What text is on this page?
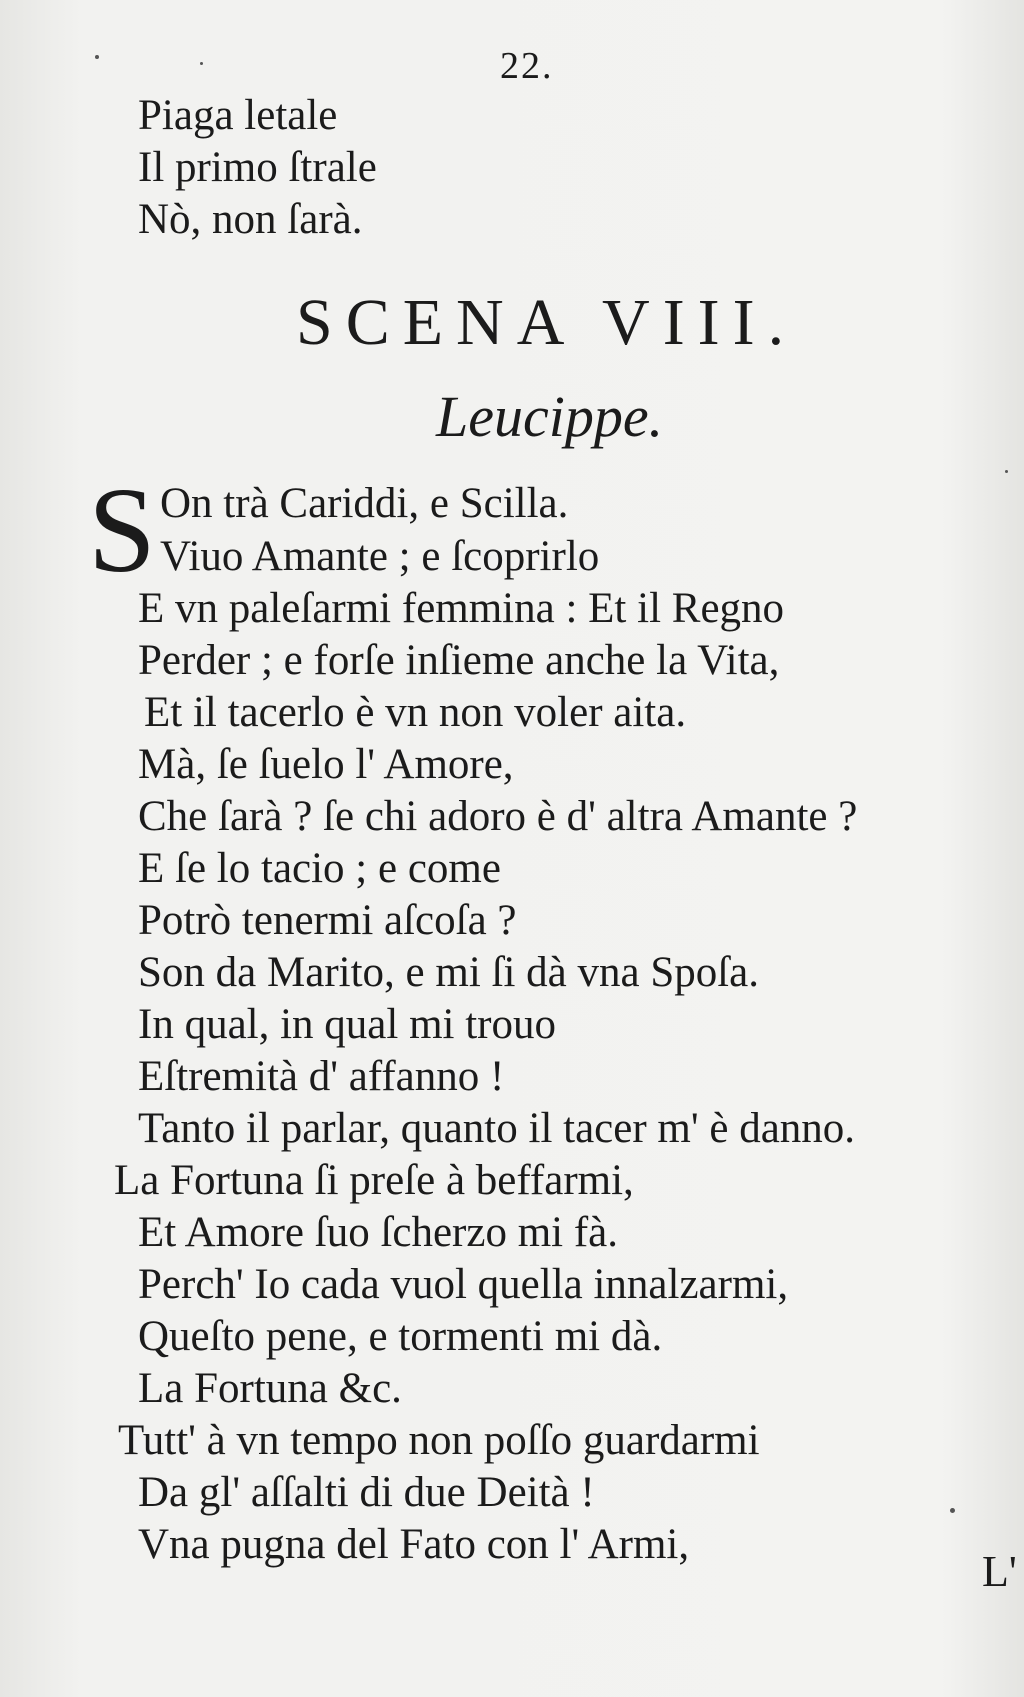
22.
Piaga letale
Il primo ſtrale
Nò, non ſarà.
SCENA VIII.
Leucippe.
S On trà Cariddi, e Scilla.
Viuo Amante ; e ſcoprirlo
E vn paleſarmi femmina : Et il Regno
Perder ; e forſe inſieme anche la Vita,
Et il tacerlo è vn non voler aita.
Mà, ſe ſuelo l' Amore,
Che ſarà ? ſe chi adoro è d' altra Amante ?
E ſe lo tacio ; e come
Potrò tenermi aſcoſa ?
Son da Marito, e mi ſi dà vna Spoſa.
In qual, in qual mi trouo
Eſtremità d' affanno !
Tanto il parlar, quanto il tacer m' è danno.
La Fortuna ſi preſe à beffarmi,
Et Amore ſuo ſcherzo mi fà.
Perch' Io cada vuol quella innalzarmi,
Queſto pene, e tormenti mi dà.
La Fortuna &c.
Tutt' à vn tempo non poſſo guardarmi
Da gl' aſſalti di due Deità !
Vna pugna del Fato con l' Armi,
L'
